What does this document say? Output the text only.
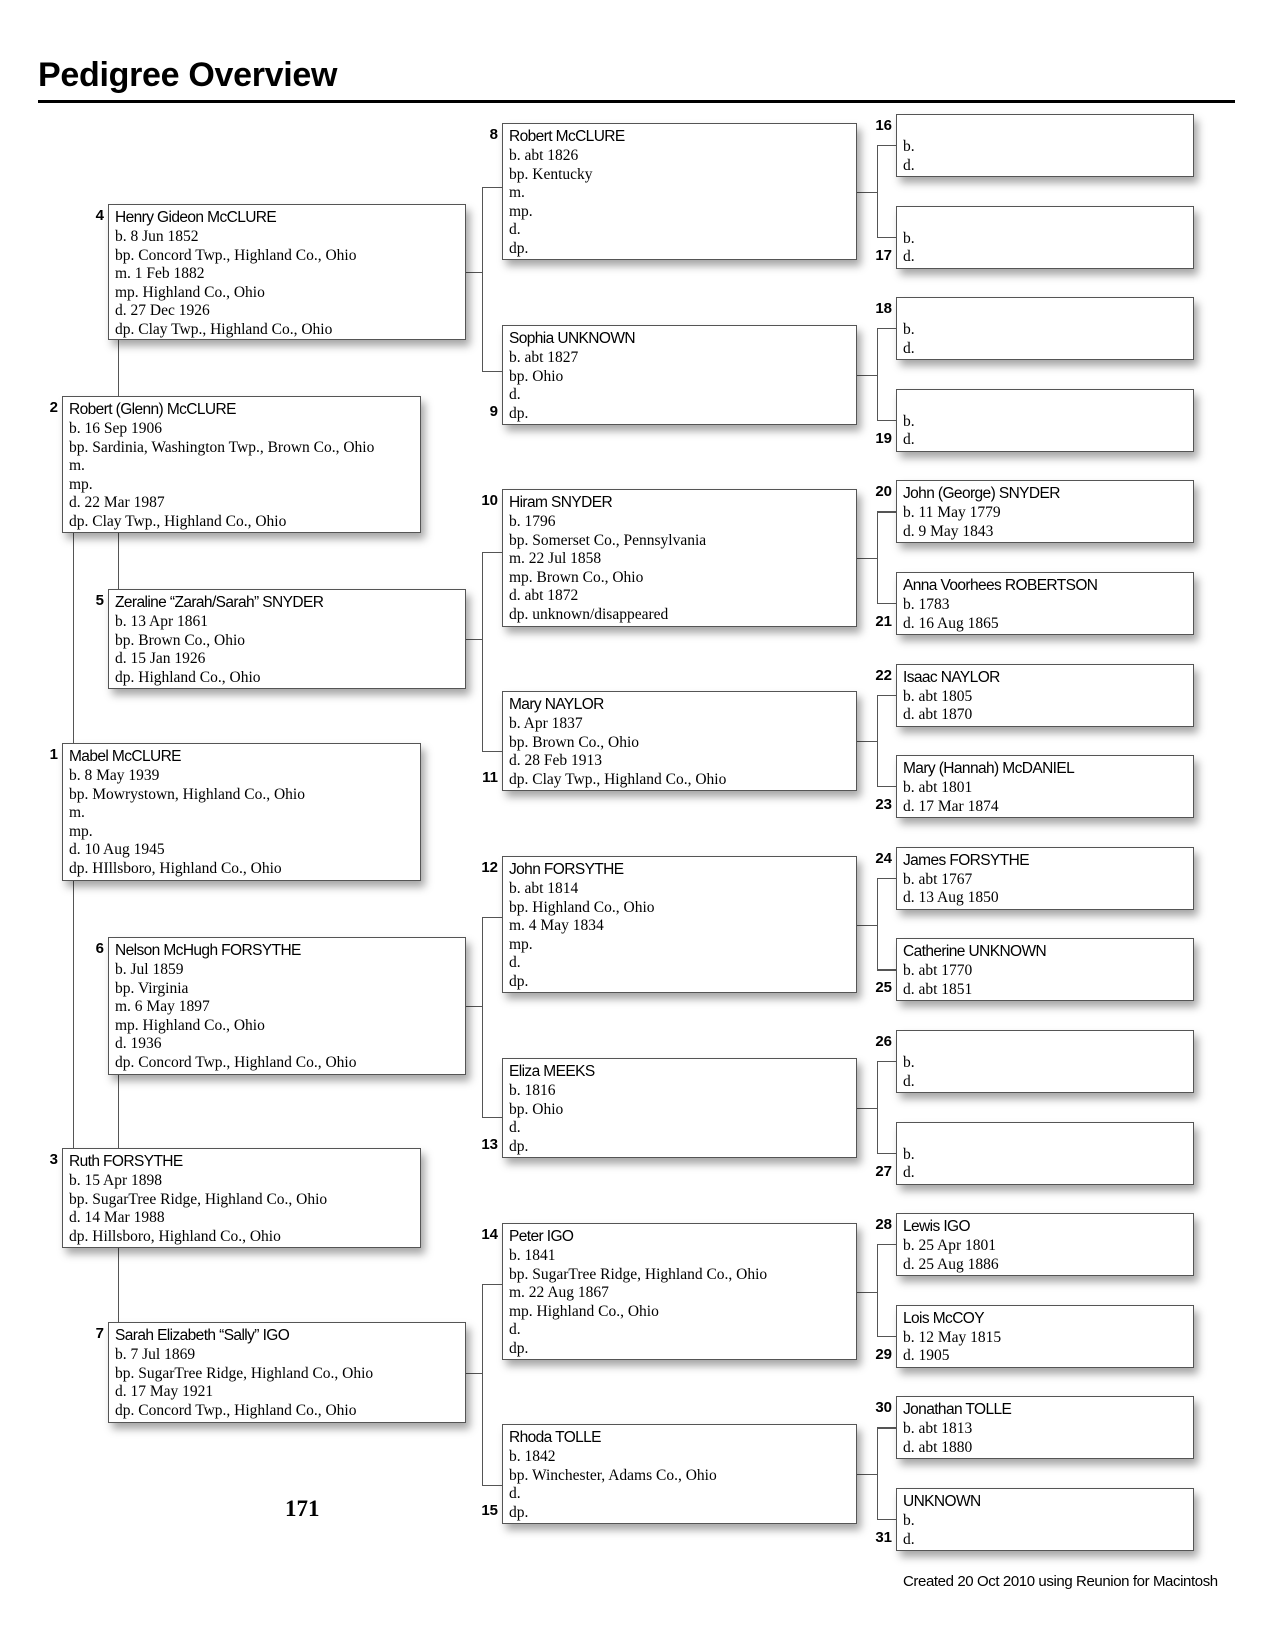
Pedigree Overview
Mabel McCLURE
b. 8 May 1939
bp. Mowrystown, Highland Co., Ohio
m.
mp.
d. 10 Aug 1945
dp. HIllsboro, Highland Co., Ohio
1
Robert (Glenn) McCLURE
b. 16 Sep 1906
bp. Sardinia, Washington Twp., Brown Co., Ohio
m.
mp.
d. 22 Mar 1987
dp. Clay Twp., Highland Co., Ohio
2
Ruth FORSYTHE
b. 15 Apr 1898
bp. SugarTree Ridge, Highland Co., Ohio
d. 14 Mar 1988
dp. Hillsboro, Highland Co., Ohio
3
Henry Gideon McCLURE
b. 8 Jun 1852
bp. Concord Twp., Highland Co., Ohio
m. 1 Feb 1882
mp. Highland Co., Ohio
d. 27 Dec 1926
dp. Clay Twp., Highland Co., Ohio
4
Zeraline “Zarah/Sarah” SNYDER
b. 13 Apr 1861
bp. Brown Co., Ohio
d. 15 Jan 1926
dp. Highland Co., Ohio
5
Nelson McHugh FORSYTHE
b. Jul 1859
bp. Virginia
m. 6 May 1897
mp. Highland Co., Ohio
d. 1936
dp. Concord Twp., Highland Co., Ohio
6
Sarah Elizabeth “Sally” IGO
b. 7 Jul 1869
bp. SugarTree Ridge, Highland Co., Ohio
d. 17 May 1921
dp. Concord Twp., Highland Co., Ohio
7
Robert McCLURE
b. abt 1826
bp. Kentucky
m.
mp.
d.
dp.
8
Sophia UNKNOWN
b. abt 1827
bp. Ohio
d.
dp.
9
Hiram SNYDER
b. 1796
bp. Somerset Co., Pennsylvania
m. 22 Jul 1858
mp. Brown Co., Ohio
d. abt 1872
dp. unknown/disappeared
10
Mary NAYLOR
b. Apr 1837
bp. Brown Co., Ohio
d. 28 Feb 1913
dp. Clay Twp., Highland Co., Ohio
11
John FORSYTHE
b. abt 1814
bp. Highland Co., Ohio
m. 4 May 1834
mp.
d.
dp.
12
Eliza MEEKS
b. 1816
bp. Ohio
d.
dp.
13
Peter IGO
b. 1841
bp. SugarTree Ridge, Highland Co., Ohio
m. 22 Aug 1867
mp. Highland Co., Ohio
d.
dp.
14
Rhoda TOLLE
b. 1842
bp. Winchester, Adams Co., Ohio
d.
dp.
15
b.
d.
16
b.
d.
17
b.
d.
18
b.
d.
19
John (George) SNYDER
b. 11 May 1779
d. 9 May 1843
20
Anna Voorhees ROBERTSON
b. 1783
d. 16 Aug 1865
21
Isaac NAYLOR
b. abt 1805
d. abt 1870
22
Mary (Hannah) McDANIEL
b. abt 1801
d. 17 Mar 1874
23
James FORSYTHE
b. abt 1767
d. 13 Aug 1850
24
Catherine UNKNOWN
b. abt 1770
d. abt 1851
25
b.
d.
26
b.
d.
27
Lewis IGO
b. 25 Apr 1801
d. 25 Aug 1886
28
Lois McCOY
b. 12 May 1815
d. 1905
29
Jonathan TOLLE
b. abt 1813
d. abt 1880
30
UNKNOWN
b.
d.
31
171
Created 20 Oct 2010 using Reunion for Macintosh
